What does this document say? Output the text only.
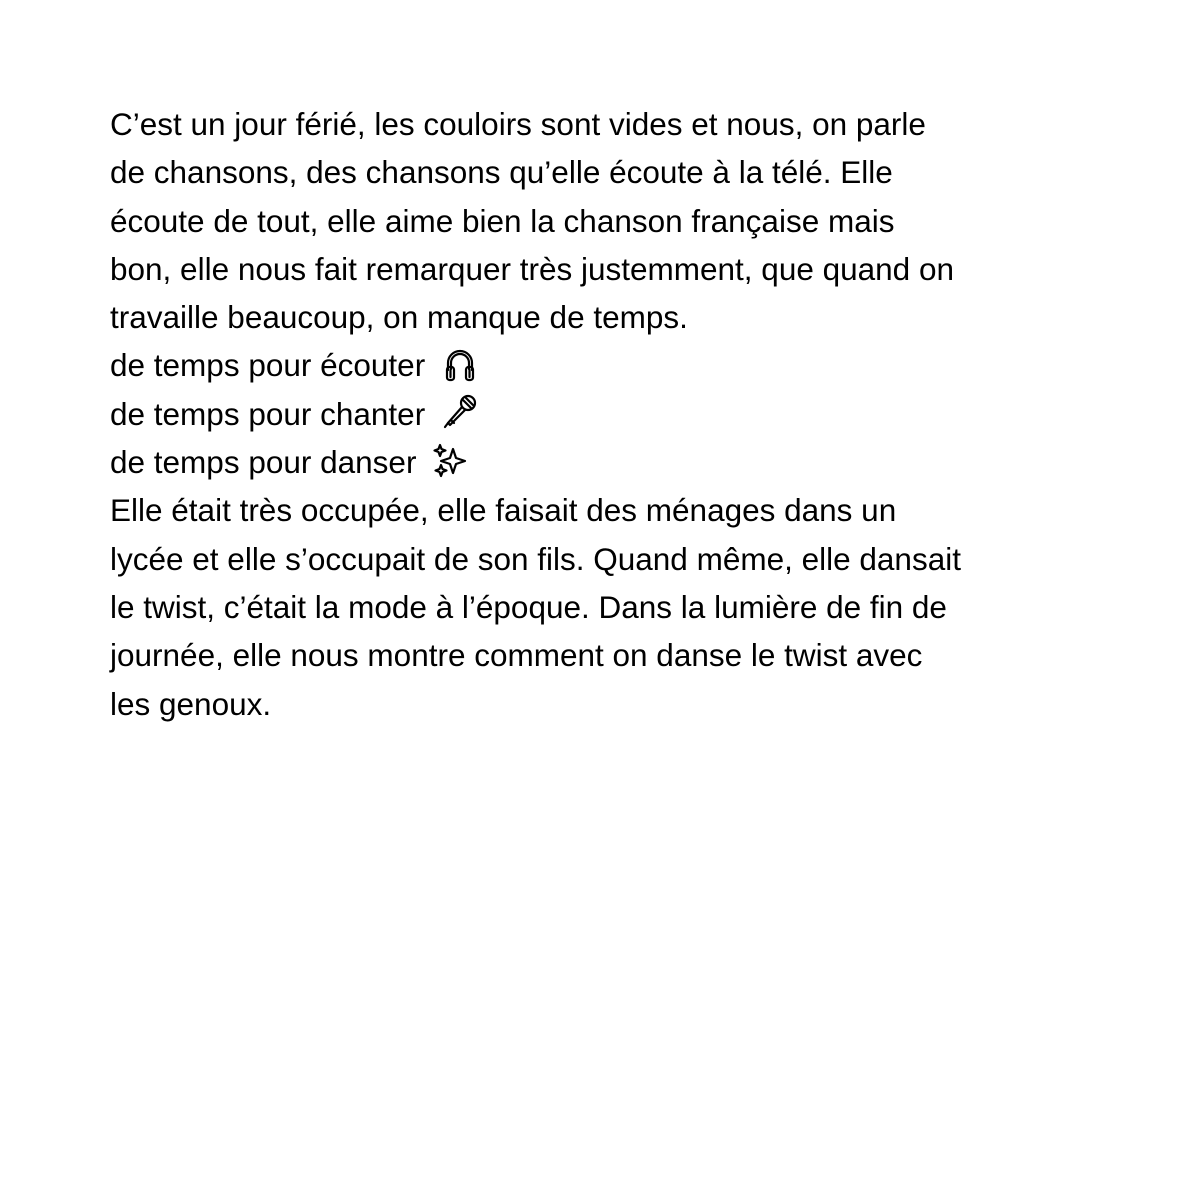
C’est un jour férié, les couloirs sont vides et nous, on parle
de chansons, des chansons qu’elle écoute à la télé. Elle
écoute de tout, elle aime bien la chanson française mais
bon, elle nous fait remarquer très justemment, que quand on
travaille beaucoup, on manque de temps.
de temps pour écouter
de temps pour chanter
de temps pour danser
Elle était très occupée, elle faisait des ménages dans un
lycée et elle s’occupait de son fils. Quand même, elle dansait
le twist, c’était la mode à l’époque. Dans la lumière de fin de
journée, elle nous montre comment on danse le twist avec
les genoux.
